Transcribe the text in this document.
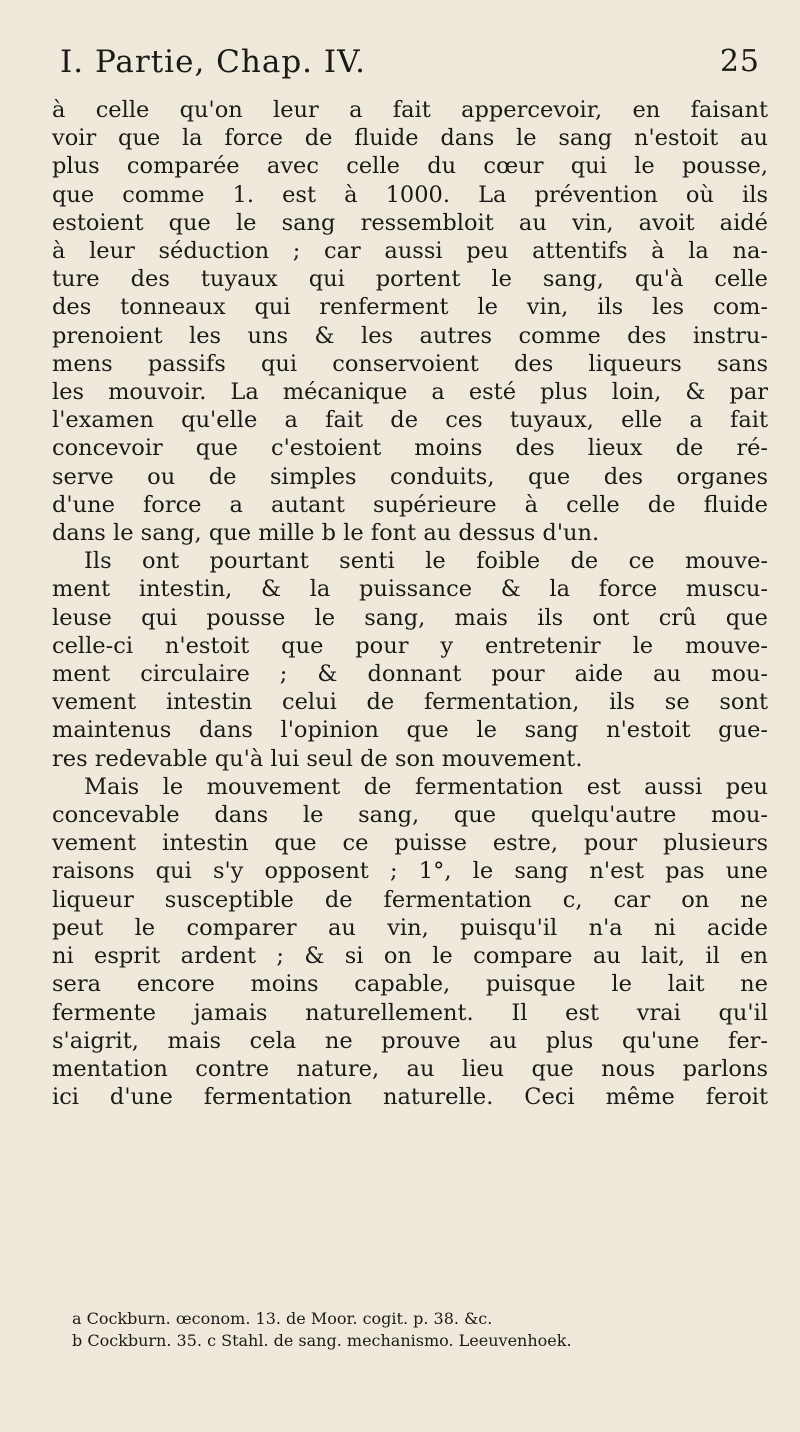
I. Partie, Chap. IV.	25
à celle qu'on leur a fait appercevoir, en faisant
voir que la force de fluide dans le sang n'estoit au
plus comparée avec celle du cœur qui le pousse,
que comme 1. est à 1000. La prévention où ils
estoient que le sang ressembloit au vin, avoit aidé
à leur séduction ; car aussi peu attentifs à la na-
ture des tuyaux qui portent le sang, qu'à celle
des tonneaux qui renferment le vin, ils les com-
prenoient les uns & les autres comme des instru-
mens passifs qui conservoient des liqueurs sans
les mouvoir. La mécanique a esté plus loin, & par
l'examen qu'elle a fait de ces tuyaux, elle a fait
concevoir que c'estoient moins des lieux de ré-
serve ou de simples conduits, que des organes
d'une force a autant supérieure à celle de fluide
dans le sang, que mille b le font au dessus d'un.
Ils ont pourtant senti le foible de ce mouve-
ment intestin, & la puissance & la force muscu-
leuse qui pousse le sang, mais ils ont crû que
celle-ci n'estoit que pour y entretenir le mouve-
ment circulaire ; & donnant pour aide au mou-
vement intestin celui de fermentation, ils se sont
maintenus dans l'opinion que le sang n'estoit gue-
res redevable qu'à lui seul de son mouvement.
Mais le mouvement de fermentation est aussi peu
concevable dans le sang, que quelqu'autre mou-
vement intestin que ce puisse estre, pour plusieurs
raisons qui s'y opposent ; 1°, le sang n'est pas une
liqueur susceptible de fermentation c, car on ne
peut le comparer au vin, puisqu'il n'a ni acide
ni esprit ardent ; & si on le compare au lait, il en
sera encore moins capable, puisque le lait ne
fermente jamais naturellement. Il est vrai qu'il
s'aigrit, mais cela ne prouve au plus qu'une fer-
mentation contre nature, au lieu que nous parlons
ici d'une fermentation naturelle. Ceci même feroit
a Cockburn. œconom. 13. de Moor. cogit. p. 38. &c.
b Cockburn. 35. c Stahl. de sang. mechanismo. Leeuvenhoek.
